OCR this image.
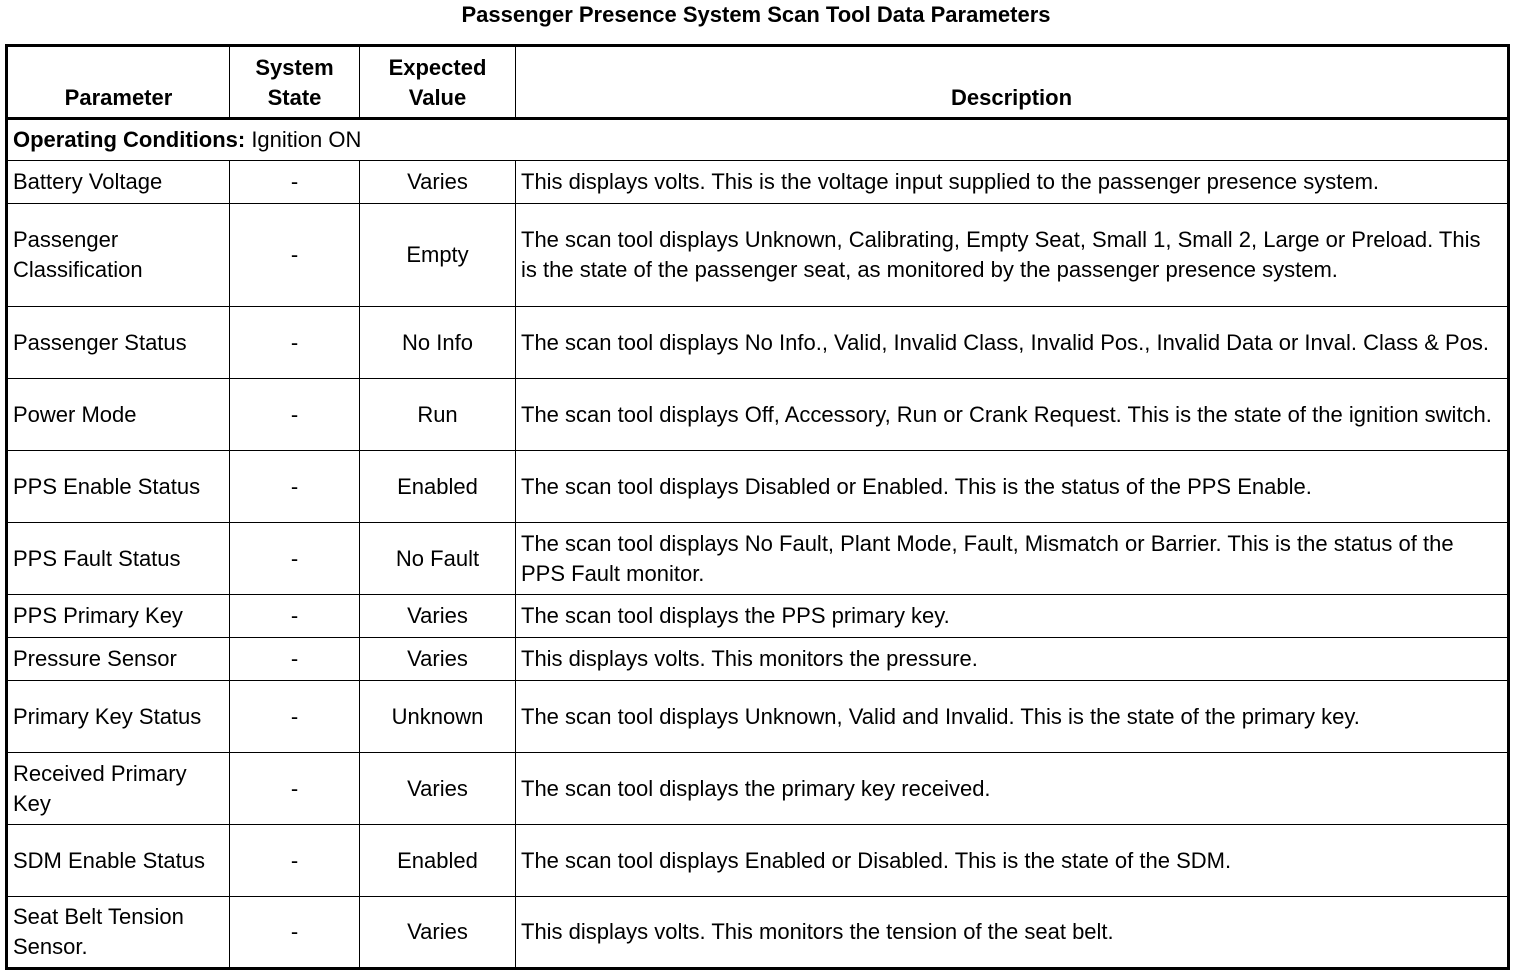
Passenger Presence System Scan Tool Data Parameters
Parameter	System State	Expected Value	Description
Operating Conditions: Ignition ON			
Battery Voltage	-	Varies	This displays volts. This is the voltage input supplied to the passenger presence system.
Passenger Classification	-	Empty	The scan tool displays Unknown, Calibrating, Empty Seat, Small 1, Small 2, Large or Preload. This is the state of the passenger seat, as monitored by the passenger presence system.
Passenger Status	-	No Info	The scan tool displays No Info., Valid, Invalid Class, Invalid Pos., Invalid Data or Inval. Class & Pos.
Power Mode	-	Run	The scan tool displays Off, Accessory, Run or Crank Request. This is the state of the ignition switch.
PPS Enable Status	-	Enabled	The scan tool displays Disabled or Enabled. This is the status of the PPS Enable.
PPS Fault Status	-	No Fault	The scan tool displays No Fault, Plant Mode, Fault, Mismatch or Barrier. This is the status of the PPS Fault monitor.
PPS Primary Key	-	Varies	The scan tool displays the PPS primary key.
Pressure Sensor	-	Varies	This displays volts. This monitors the pressure.
Primary Key Status	-	Unknown	The scan tool displays Unknown, Valid and Invalid. This is the state of the primary key.
Received Primary Key	-	Varies	The scan tool displays the primary key received.
SDM Enable Status	-	Enabled	The scan tool displays Enabled or Disabled. This is the state of the SDM.
Seat Belt Tension Sensor.	-	Varies	This displays volts. This monitors the tension of the seat belt.
